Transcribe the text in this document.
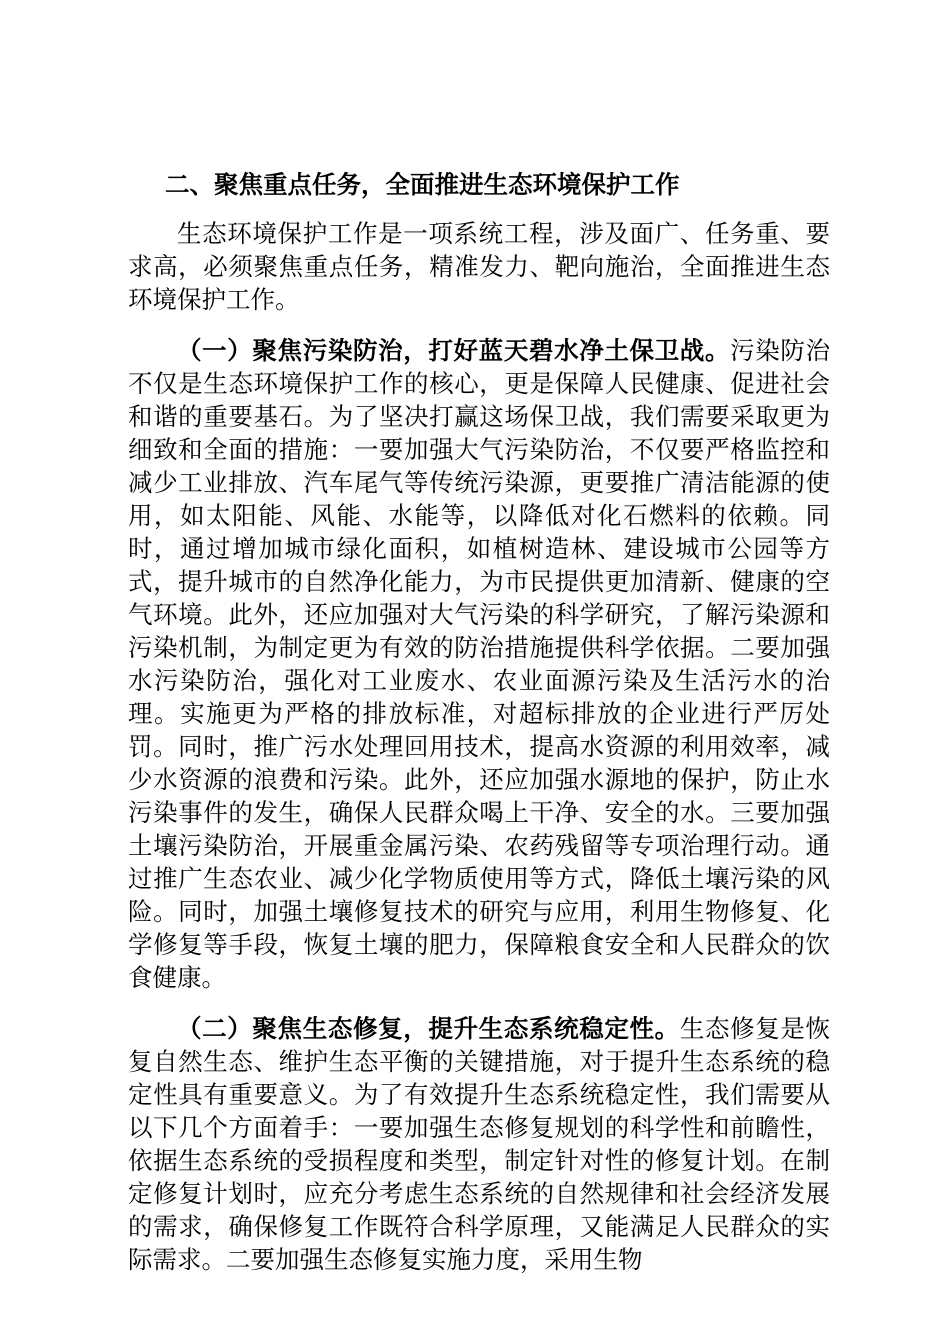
二、聚焦重点任务，全面推进生态环境保护工作

生态环境保护工作是一项系统工程，涉及面广、任务重、要求高，必须聚焦重点任务，精准发力、靶向施治，全面推进生态环境保护工作。

（一）聚焦污染防治，打好蓝天碧水净土保卫战。污染防治不仅是生态环境保护工作的核心，更是保障人民健康、促进社会和谐的重要基石。为了坚决打赢这场保卫战，我们需要采取更为细致和全面的措施：一要加强大气污染防治，不仅要严格监控和减少工业排放、汽车尾气等传统污染源，更要推广清洁能源的使用，如太阳能、风能、水能等，以降低对化石燃料的依赖。同时，通过增加城市绿化面积，如植树造林、建设城市公园等方式，提升城市的自然净化能力，为市民提供更加清新、健康的空气环境。此外，还应加强对大气污染的科学研究，了解污染源和污染机制，为制定更为有效的防治措施提供科学依据。二要加强水污染防治，强化对工业废水、农业面源污染及生活污水的治理。实施更为严格的排放标准，对超标排放的企业进行严厉处罚。同时，推广污水处理回用技术，提高水资源的利用效率，减少水资源的浪费和污染。此外，还应加强水源地的保护，防止水污染事件的发生，确保人民群众喝上干净、安全的水。三要加强土壤污染防治，开展重金属污染、农药残留等专项治理行动。通过推广生态农业、减少化学物质使用等方式，降低土壤污染的风险。同时，加强土壤修复技术的研究与应用，利用生物修复、化学修复等手段，恢复土壤的肥力，保障粮食安全和人民群众的饮食健康。

（二）聚焦生态修复，提升生态系统稳定性。生态修复是恢复自然生态、维护生态平衡的关键措施，对于提升生态系统的稳定性具有重要意义。为了有效提升生态系统稳定性，我们需要从以下几个方面着手：一要加强生态修复规划的科学性和前瞻性，依据生态系统的受损程度和类型，制定针对性的修复计划。在制定修复计划时，应充分考虑生态系统的自然规律和社会经济发展的需求，确保修复工作既符合科学原理，又能满足人民群众的实际需求。二要加强生态修复实施力度，采用生物
